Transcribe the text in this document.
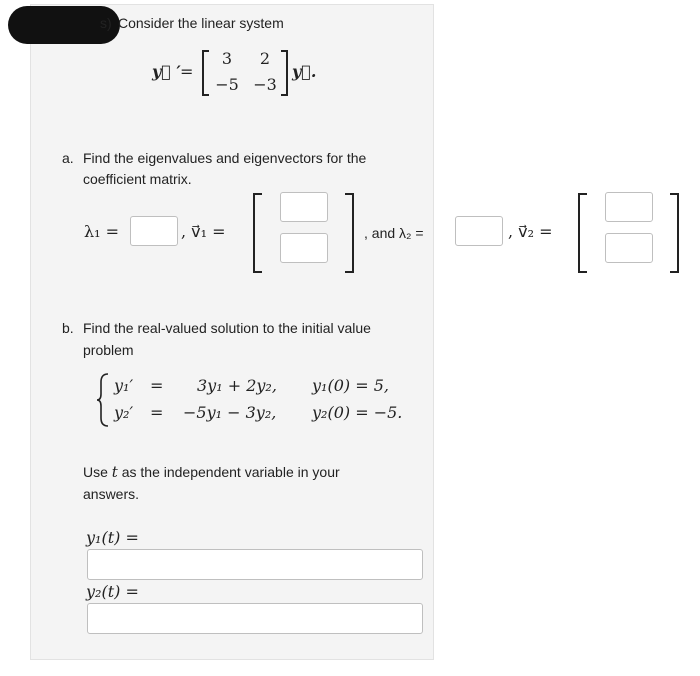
s) Consider the linear system
y⃗ ′ =
3	2
−5 −3
y⃗.
a. Find the eigenvalues and eigenvectors for the
coefficient matrix.
λ₁ =	, v⃗₁ =	, and λ₂ =	, v⃗₂ =
b. Find the real-valued solution to the initial value
problem
y₁′ = 3y₁ + 2y₂, y₁(0) = 5,
y₂′ = −5y₁ − 3y₂, y₂(0) = −5.
Use t as the independent variable in your
answers.
y₁(t) =
y₂(t) =
